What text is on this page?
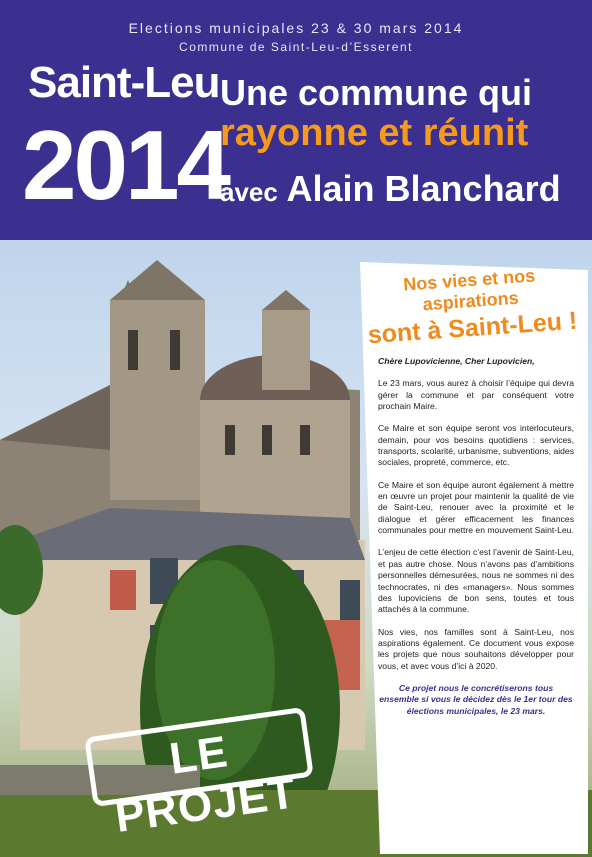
Elections municipales 23 & 30 mars 2014
Commune de Saint-Leu-d’Esserent
Saint-Leu
2014
Une commune qui
rayonne et réunit
avec Alain Blanchard
Nos vies et nos aspirations
sont à Saint-Leu !

Chère Lupovicienne, Cher Lupovicien,

Le 23 mars, vous aurez à choisir l’équipe qui devra gérer la commune et par conséquent votre prochain Maire.

Ce Maire et son équipe seront vos interlocuteurs, demain, pour vos besoins quotidiens : services, transports, scolarité, urbanisme, subventions, aides sociales, propreté, commerce, etc.

Ce Maire et son équipe auront également à mettre en œuvre un projet pour maintenir la qualité de vie de Saint-Leu, renouer avec la proximité et le dialogue et gérer efficacement les finances communales pour mettre en mouvement Saint-Leu.

L’enjeu de cette élection c’est l’avenir de Saint-Leu, et pas autre chose. Nous n’avons pas d’ambitions personnelles démesurées, nous ne sommes ni des technocrates, ni des «managers». Nous sommes des lupoviciens de bon sens, toutes et tous attachés à la commune.

Nos vies, nos familles sont à Saint-Leu, nos aspirations également. Ce document vous expose les projets que nous souhaitons développer pour vous, et avec vous d’ici à 2020.

Ce projet nous le concrétiserons tous ensemble si vous le décidez dès le 1er tour des élections municipales, le 23 mars.

LE PROJET
